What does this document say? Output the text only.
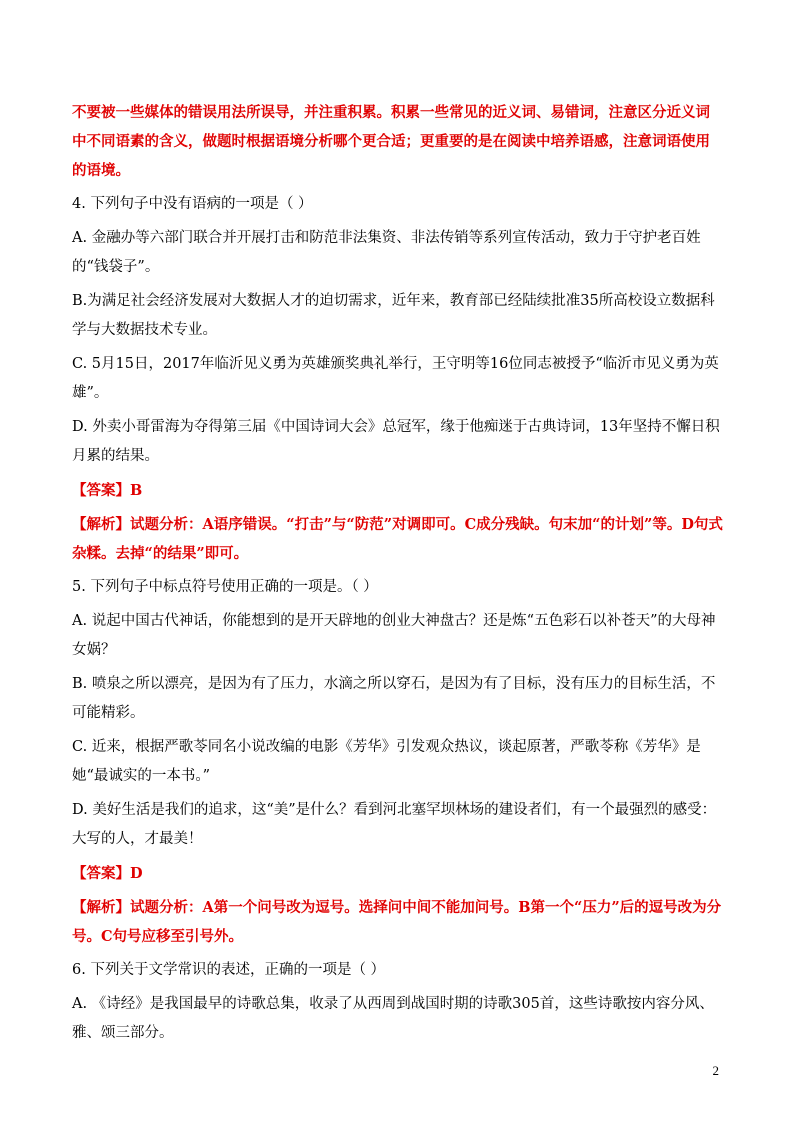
不要被一些媒体的错误用法所误导，并注重积累。积累一些常见的近义词、易错词，注意区分近义词中不同语素的含义，做题时根据语境分析哪个更合适；更重要的是在阅读中培养语感，注意词语使用的语境。

4. 下列句子中没有语病的一项是（ ）

A. 金融办等六部门联合并开展打击和防范非法集资、非法传销等系列宣传活动，致力于守护老百姓的“钱袋子”。

B.为满足社会经济发展对大数据人才的迫切需求，近年来，教育部已经陆续批准35所高校设立数据科学与大数据技术专业。

C. 5月15日，2017年临沂见义勇为英雄颁奖典礼举行，王守明等16位同志被授予“临沂市见义勇为英雄”。

D. 外卖小哥雷海为夺得第三届《中国诗词大会》总冠军，缘于他痴迷于古典诗词，13年坚持不懈日积月累的结果。

【答案】B

【解析】试题分析：A语序错误。“打击”与“防范”对调即可。C成分残缺。句末加“的计划”等。D句式杂糅。去掉“的结果”即可。

5. 下列句子中标点符号使用正确的一项是。（ ）

A. 说起中国古代神话，你能想到的是开天辟地的创业大神盘古？还是炼“五色彩石以补苍天”的大母神女娲？

B. 喷泉之所以漂亮，是因为有了压力，水滴之所以穿石，是因为有了目标，没有压力的目标生活，不可能精彩。

C. 近来，根据严歌苓同名小说改编的电影《芳华》引发观众热议，谈起原著，严歌苓称《芳华》是她“最诚实的一本书。”

D. 美好生活是我们的追求，这“美”是什么？看到河北塞罕坝林场的建设者们，有一个最强烈的感受：大写的人，才最美！

【答案】D

【解析】试题分析：A第一个问号改为逗号。选择问中间不能加问号。B第一个“压力”后的逗号改为分号。C句号应移至引号外。

6. 下列关于文学常识的表述，正确的一项是（ ）

A. 《诗经》是我国最早的诗歌总集，收录了从西周到战国时期的诗歌305首，这些诗歌按内容分风、雅、颂三部分。

2
